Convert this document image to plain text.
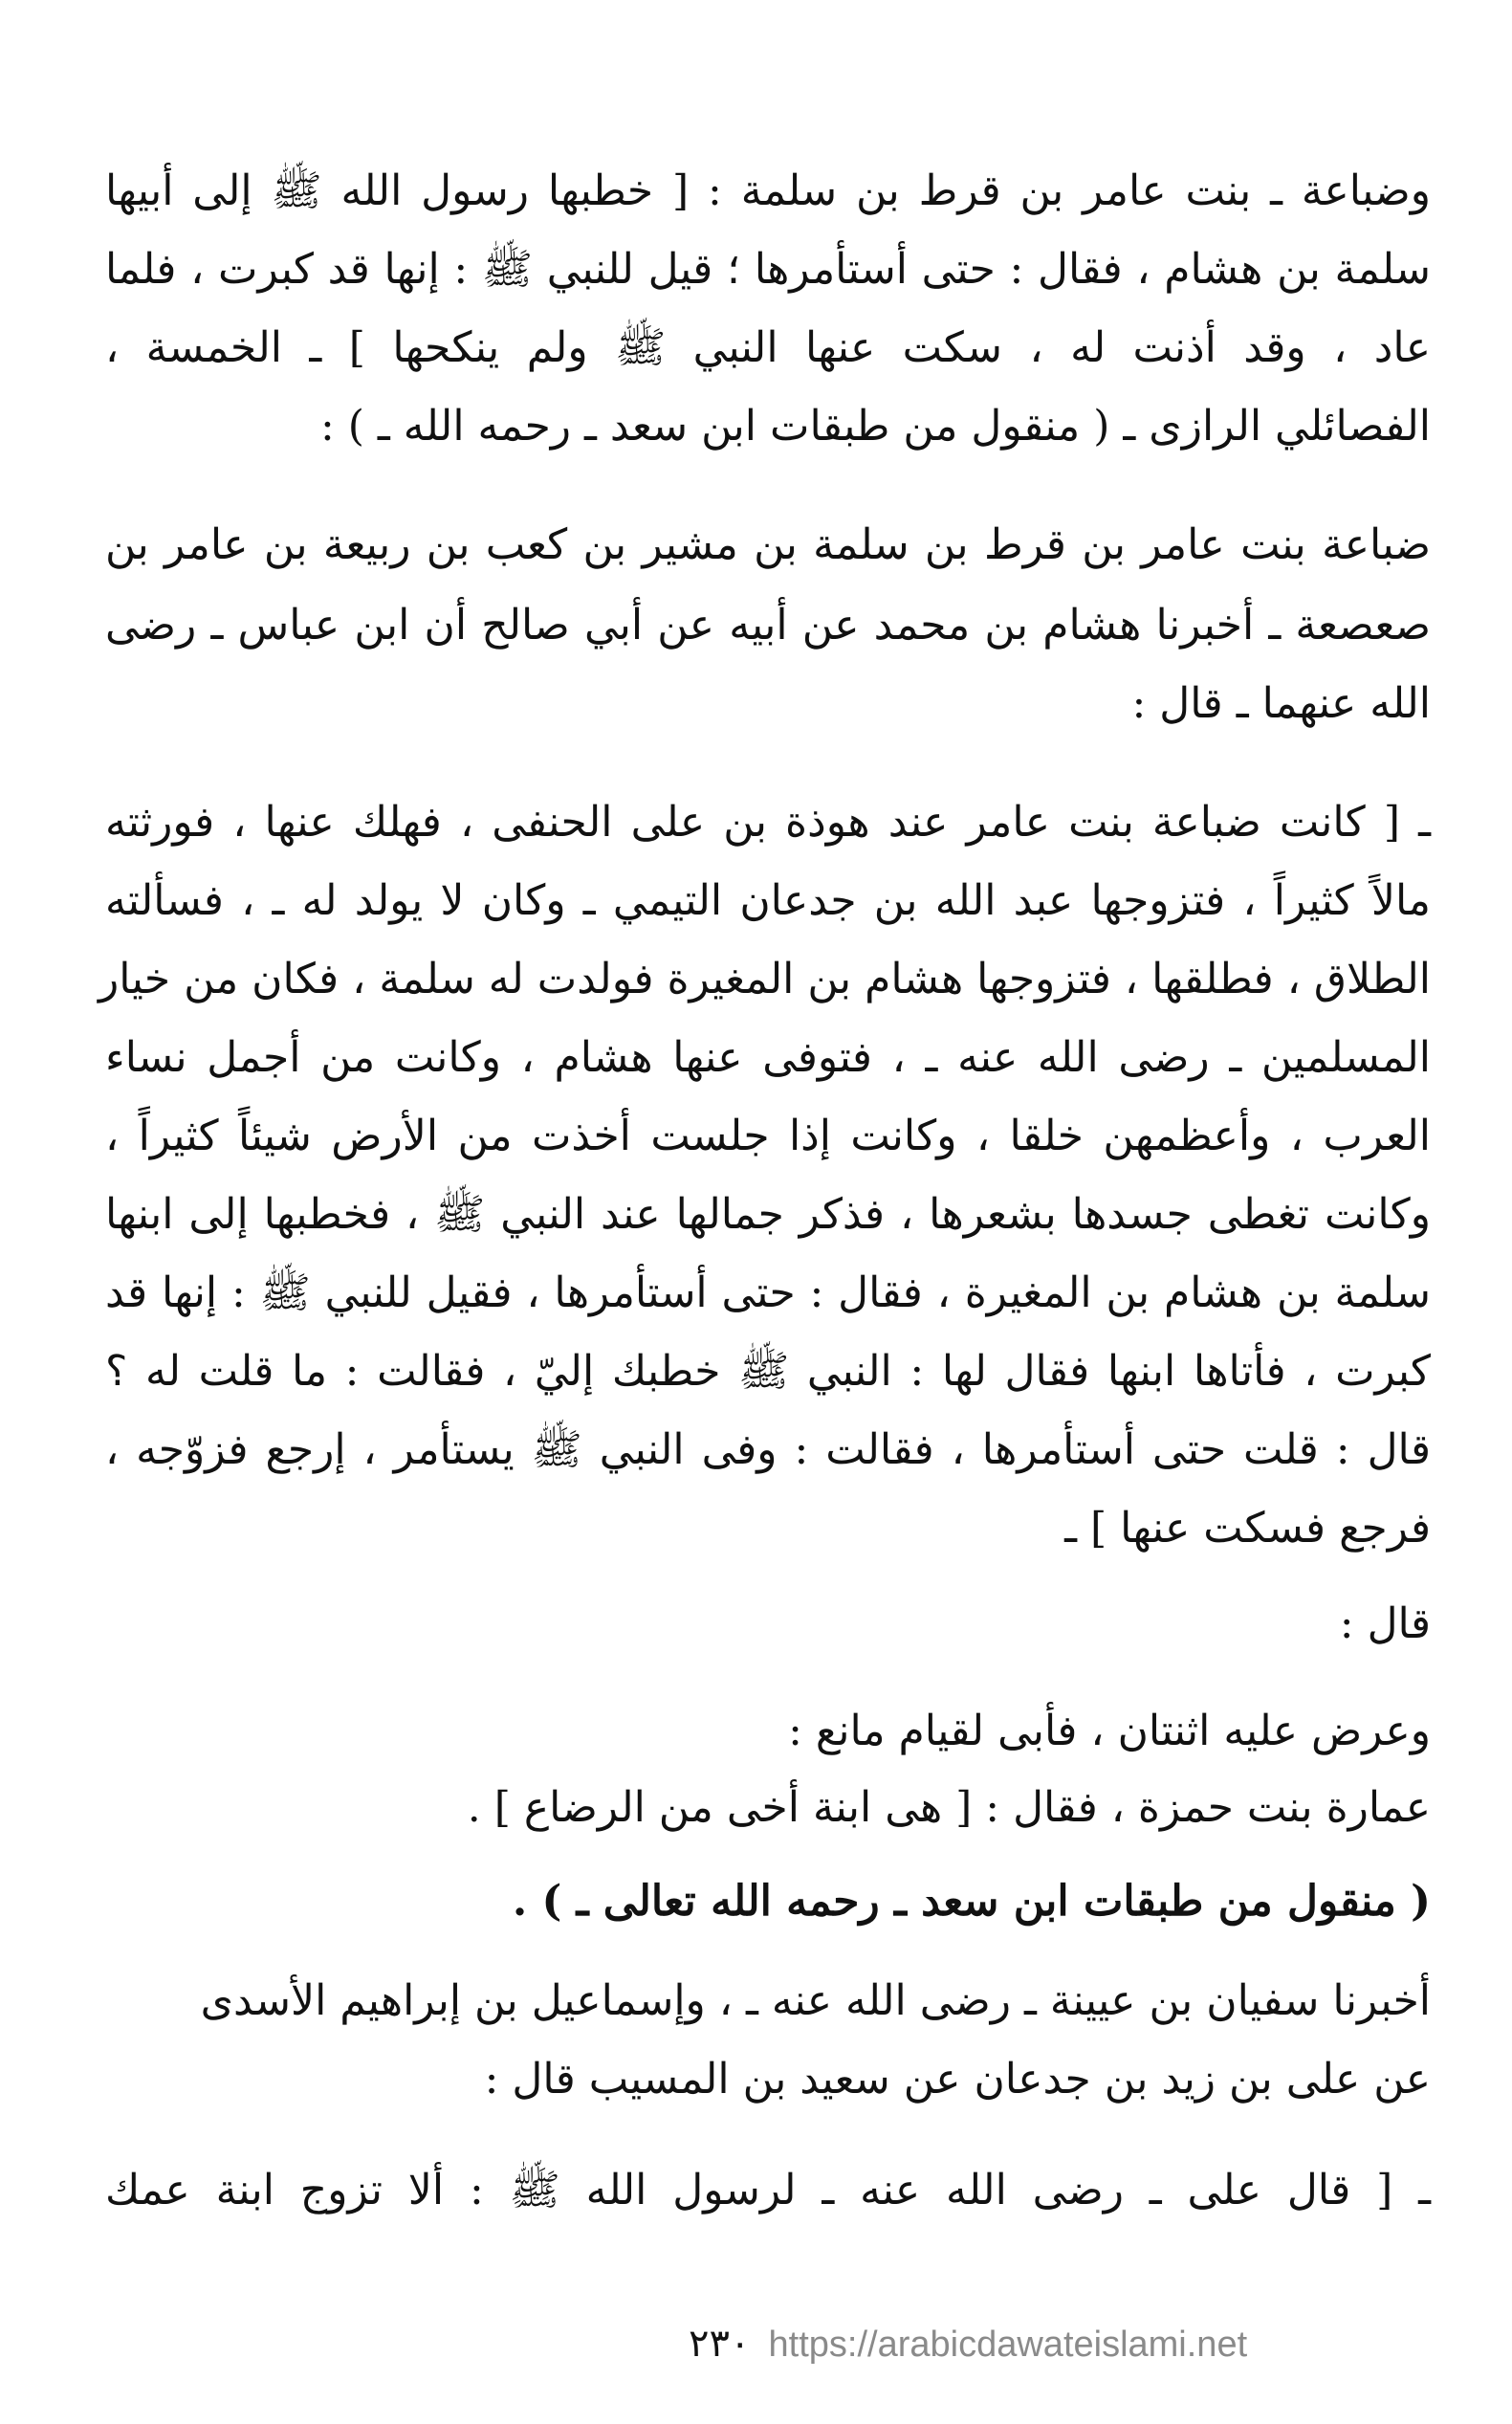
وضباعة ـ بنت عامر بن قرط بن سلمة : [ خطبها رسول الله ﷺ إلى أبيها
سلمة بن هشام ، فقال : حتى أستأمرها ؛ قيل للنبي ﷺ : إنها قد كبرت ، فلما
عاد ، وقد أذنت له ، سكت عنها النبي ﷺ ولم ينكحها ] ـ الخمسة ،
الفصائلي الرازى ـ ( منقول من طبقات ابن سعد ـ رحمه الله ـ ) :
ضباعة بنت عامر بن قرط بن سلمة بن مشير بن كعب بن ربيعة بن عامر بن
صعصعة ـ أخبرنا هشام بن محمد عن أبيه عن أبي صالح أن ابن عباس ـ رضى
الله عنهما ـ قال :
ـ [ كانت ضباعة بنت عامر عند هوذة بن على الحنفى ، فهلك عنها ، فورثته
مالاً كثيراً ، فتزوجها عبد الله بن جدعان التيمي ـ وكان لا يولد له ـ ، فسألته
الطلاق ، فطلقها ، فتزوجها هشام بن المغيرة فولدت له سلمة ، فكان من خيار
المسلمين ـ رضى الله عنه ـ ، فتوفى عنها هشام ، وكانت من أجمل نساء
العرب ، وأعظمهن خلقا ، وكانت إذا جلست أخذت من الأرض شيئاً كثيراً ،
وكانت تغطى جسدها بشعرها ، فذكر جمالها عند النبي ﷺ ، فخطبها إلى ابنها
سلمة بن هشام بن المغيرة ، فقال : حتى أستأمرها ، فقيل للنبي ﷺ : إنها قد
كبرت ، فأتاها ابنها فقال لها : النبي ﷺ خطبك إليّ ، فقالت : ما قلت له ؟
قال : قلت حتى أستأمرها ، فقالت : وفى النبي ﷺ يستأمر ، إرجع فزوّجه ،
فرجع فسكت عنها ] ـ
قال :
وعرض عليه اثنتان ، فأبى لقيام مانع :
عمارة بنت حمزة ، فقال : [ هى ابنة أخى من الرضاع ] .
( منقول من طبقات ابن سعد ـ رحمه الله تعالى ـ ) .
أخبرنا سفيان بن عيينة ـ رضى الله عنه ـ ، وإسماعيل بن إبراهيم الأسدى
عن على بن زيد بن جدعان عن سعيد بن المسيب قال :
ـ [ قال على ـ رضى الله عنه ـ لرسول الله ﷺ : ألا تزوج ابنة عمك
٢٣٠ https://arabicdawateislami.net
